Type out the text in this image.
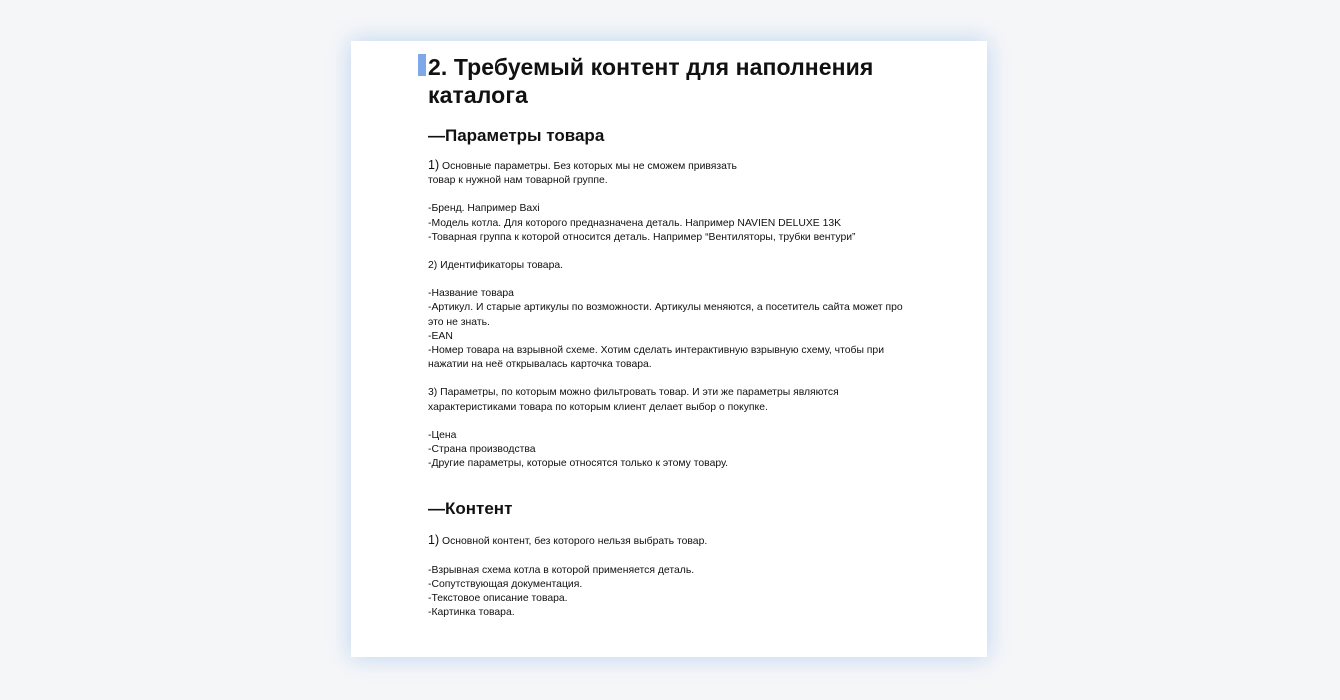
2. Требуемый контент для наполнения каталога
—Параметры товара
1) Основные параметры. Без которых мы не сможем привязать
товар к нужной нам товарной группе.
-Бренд. Например Baxi
-Модель котла. Для которого предназначена деталь. Например NAVIEN DELUXE 13K
-Товарная группа к которой относится деталь. Например “Вентиляторы, трубки вентури”
2) Идентификаторы товара.
-Название товара
-Артикул. И старые артикулы по возможности. Артикулы меняются, а посетитель сайта может про
это не знать.
-EAN
-Номер товара на взрывной схеме. Хотим сделать интерактивную взрывную схему, чтобы при
нажатии на неё открывалась карточка товара.
3) Параметры, по которым можно фильтровать товар. И эти же параметры являются
характеристиками товара по которым клиент делает выбор о покупке.
-Цена
-Страна производства
-Другие параметры, которые относятся только к этому товару.
—Контент
1) Основной контент, без которого нельзя выбрать товар.
-Взрывная схема котла в которой применяется деталь.
-Сопутствующая документация.
-Текстовое описание товара.
-Картинка товара.
